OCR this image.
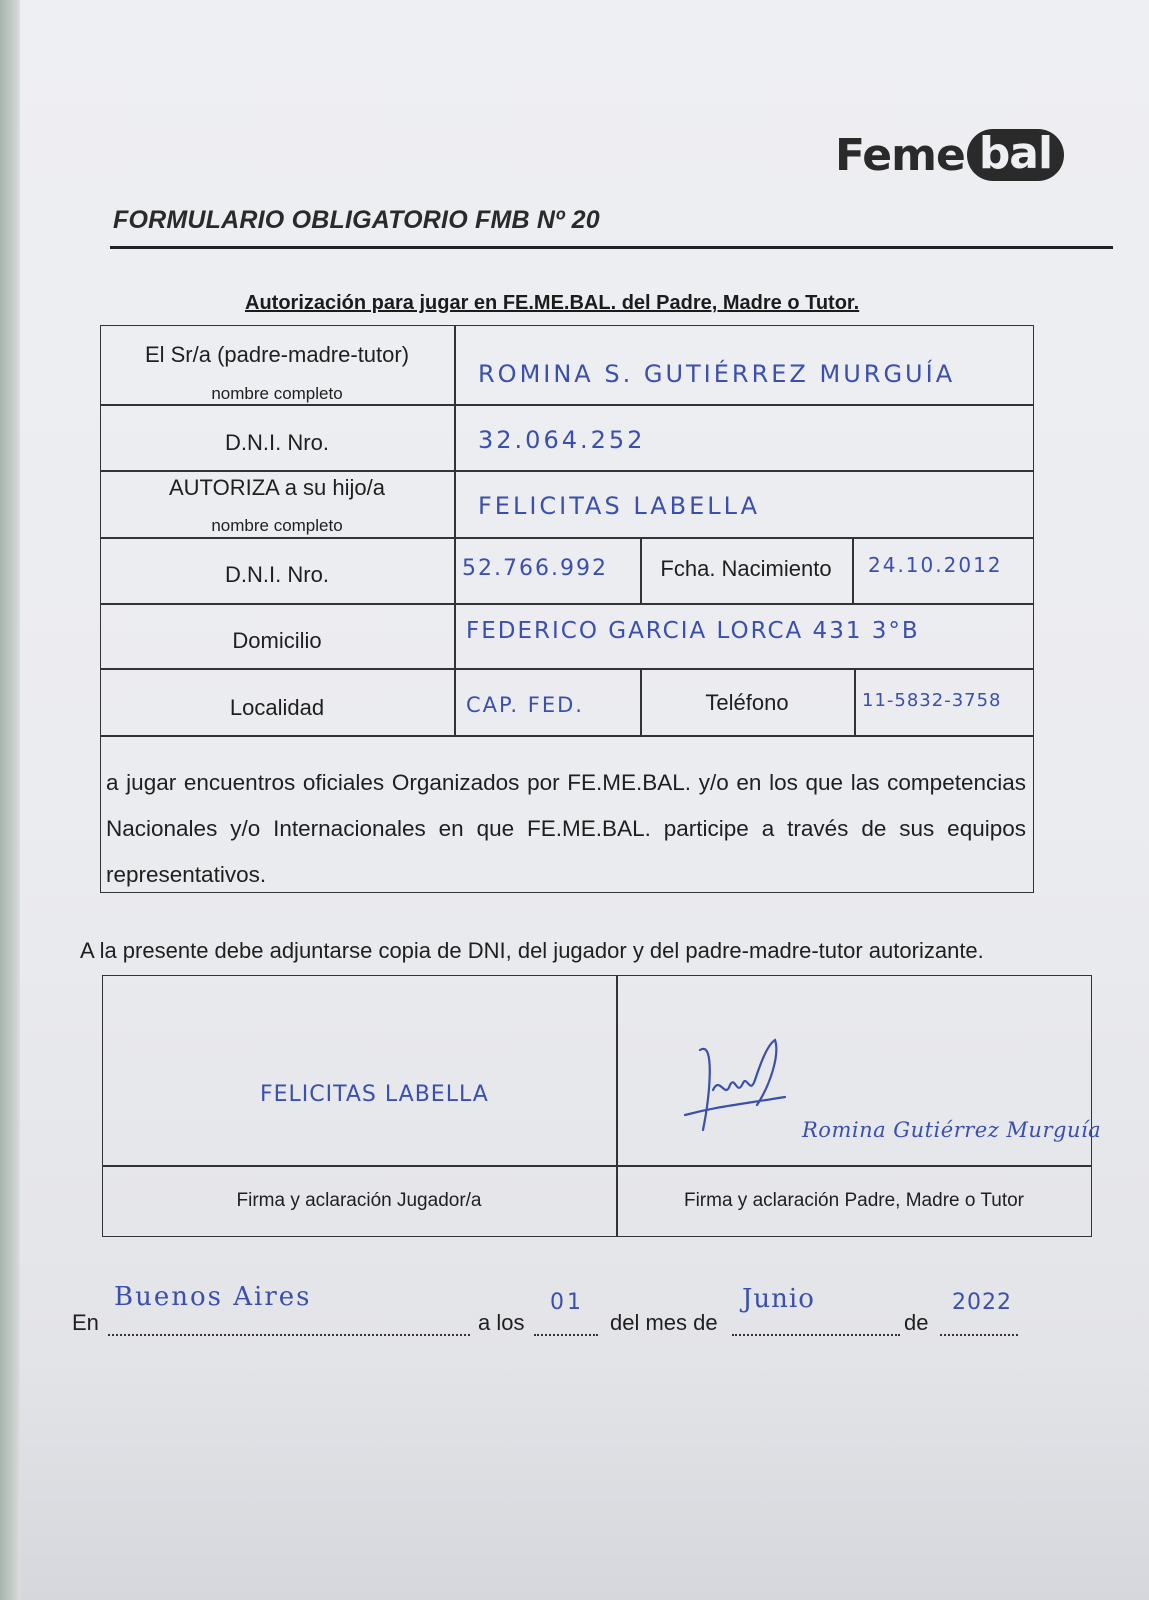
Feme bal
FORMULARIO OBLIGATORIO FMB Nº 20
Autorización para jugar en FE.ME.BAL. del Padre, Madre o Tutor.
El Sr/a (padre-madre-tutor)
nombre completo
ROMINA S. GUTIÉRREZ MURGUÍA
D.N.I. Nro.	32.064.252
AUTORIZA a su hijo/a
nombre completo
FELICITAS LABELLA
D.N.I. Nro.	52.766.992	Fcha. Nacimiento	24.10.2012
Domicilio	FEDERICO GARCIA LORCA 431 3°B
Localidad	CAP. FED.	Teléfono	11-5832-3758
a jugar encuentros oficiales Organizados por FE.ME.BAL. y/o en los que las competencias Nacionales y/o Internacionales en que FE.ME.BAL. participe a través de sus equipos representativos.
A la presente debe adjuntarse copia de DNI, del jugador y del padre-madre-tutor autorizante.
FELICITAS LABELLA
Romina Gutiérrez Murguía
Firma y aclaración Jugador/a	Firma y aclaración Padre, Madre o Tutor
En
Buenos Aires
a los
01
del mes de
Junio
de
2022
